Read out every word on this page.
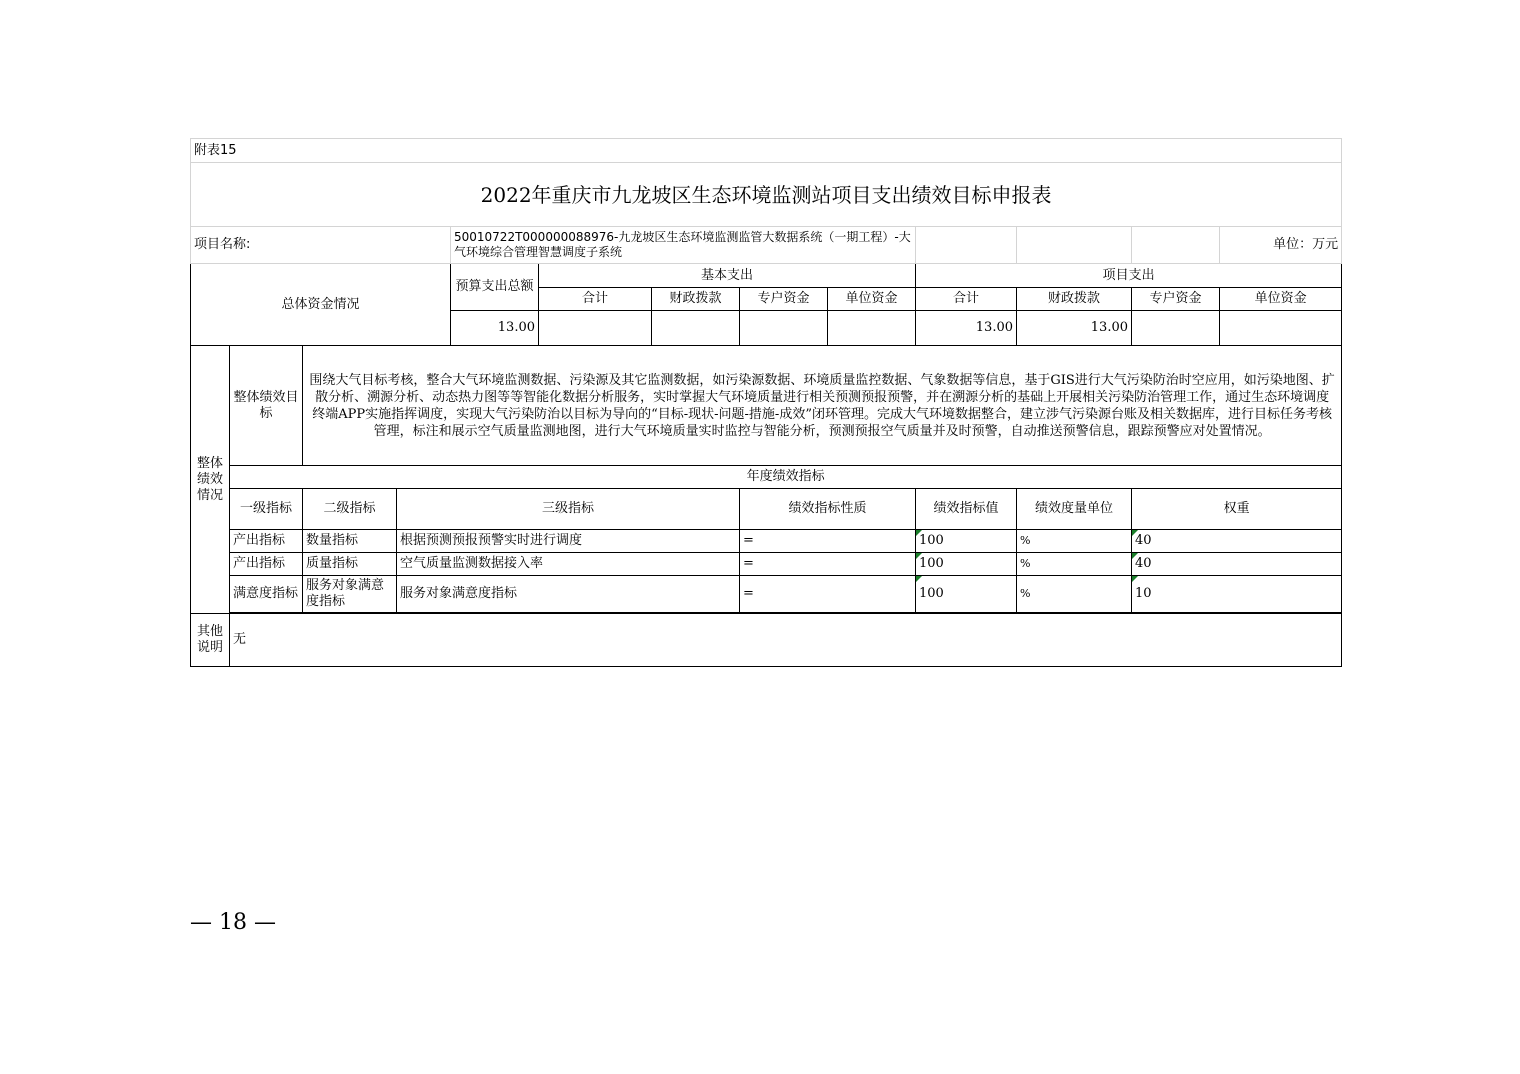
附表15												
2022年重庆市九龙坡区生态环境监测站项目支出绩效目标申报表												
项目名称:				50010722T000000088976-九龙坡区生态环境监测监管大数据系统（一期工程）-大气环境综合管理智慧调度子系统								单位：万元
总体资金情况				预算支出总额	基本支出				项目支出			
					合计	财政拨款	专户资金	单位资金	合计	财政拨款	专户资金	单位资金
				13.00					13.00	13.00		
整体绩效情况	整体绩效目标	围绕大气目标考核，整合大气环境监测数据、污染源及其它监测数据，如污染源数据、环境质量监控数据、气象数据等信息，基于GIS进行大气污染防治时空应用，如污染地图、扩散分析、溯源分析、动态热力图等等智能化数据分析服务，实时掌握大气环境质量进行相关预测预报预警，并在溯源分析的基础上开展相关污染防治管理工作，通过生态环境调度终端APP实施指挥调度，实现大气污染防治以目标为导向的“目标-现状-问题-措施-成效”闭环管理。完成大气环境数据整合，建立涉气污染源台账及相关数据库，进行目标任务考核管理，标注和展示空气质量监测地图，进行大气环境质量实时监控与智能分析，预测预报空气质量并及时预警，自动推送预警信息，跟踪预警应对处置情况。										
	年度绩效指标											
	一级指标	二级指标	三级指标				绩效指标性质		绩效指标值	绩效度量单位	权重	
	产出指标	数量指标	根据预测预报预警实时进行调度				=		100	%	40	
	产出指标	质量指标	空气质量监测数据接入率				=		100	%	40	
	满意度指标	服务对象满意度指标	服务对象满意度指标				=		100	%	10	

其他说明	无											
— 18 —
